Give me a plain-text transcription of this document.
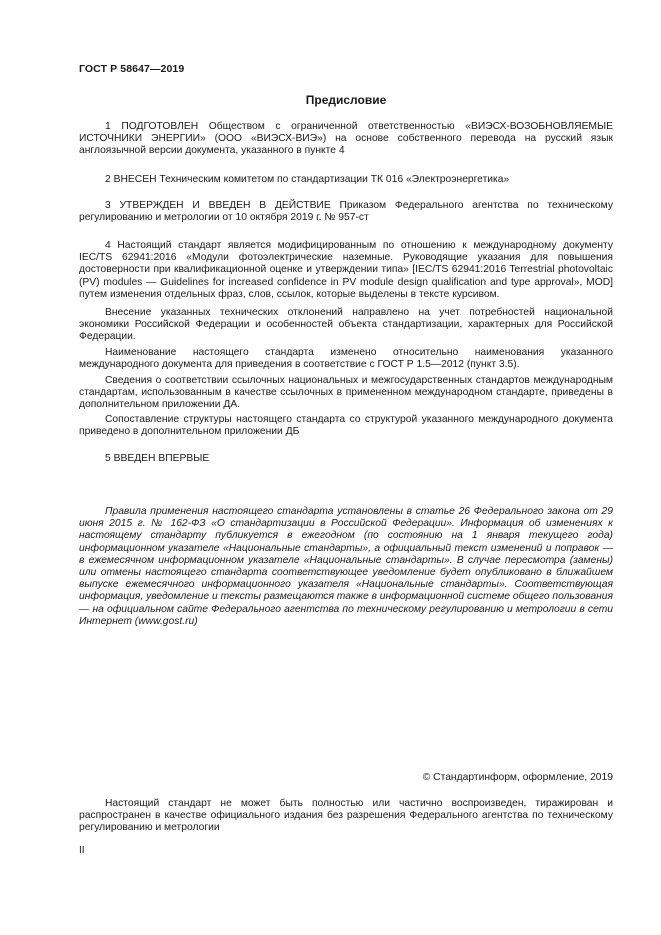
ГОСТ Р 58647—2019
Предисловие

1 ПОДГОТОВЛЕН Обществом с ограниченной ответственностью «ВИЭСХ-ВОЗОБНОВЛЯЕМЫЕ ИСТОЧНИКИ ЭНЕРГИИ» (ООО «ВИЭСХ-ВИЭ») на основе собственного перевода на русский язык англоязычной версии документа, указанного в пункте 4

2 ВНЕСЕН Техническим комитетом по стандартизации ТК 016 «Электроэнергетика»

3 УТВЕРЖДЕН И ВВЕДЕН В ДЕЙСТВИЕ Приказом Федерального агентства по техническому регулированию и метрологии от 10 октября 2019 г. № 957-ст

4 Настоящий стандарт является модифицированным по отношению к международному документу IEC/TS 62941:2016 «Модули фотоэлектрические наземные. Руководящие указания для повышения достоверности при квалификационной оценке и утверждении типа» [IEC/TS 62941:2016 Terrestrial photovoltaic (PV) modules — Guidelines for increased confidence in PV module design qualification and type approval», MOD] путем изменения отдельных фраз, слов, ссылок, которые выделены в тексте курсивом.

Внесение указанных технических отклонений направлено на учет потребностей национальной экономики Российской Федерации и особенностей объекта стандартизации, характерных для Российской Федерации.

Наименование настоящего стандарта изменено относительно наименования указанного международного документа для приведения в соответствие с ГОСТ Р 1.5—2012 (пункт 3.5).

Сведения о соответствии ссылочных национальных и межгосударственных стандартов международным стандартам, использованным в качестве ссылочных в примененном международном стандарте, приведены в дополнительном приложении ДА.

Сопоставление структуры настоящего стандарта со структурой указанного международного документа приведено в дополнительном приложении ДБ

5 ВВЕДЕН ВПЕРВЫЕ

Правила применения настоящего стандарта установлены в статье 26 Федерального закона от 29 июня 2015 г. № 162-ФЗ «О стандартизации в Российской Федерации». Информация об изменениях к настоящему стандарту публикуется в ежегодном (по состоянию на 1 января текущего года) информационном указателе «Национальные стандарты», а официальный текст изменений и поправок — в ежемесячном информационном указателе «Национальные стандарты». В случае пересмотра (замены) или отмены настоящего стандарта соответствующее уведомление будет опубликовано в ближайшем выпуске ежемесячного информационного указателя «Национальные стандарты». Соответствующая информация, уведомление и тексты размещаются также в информационной системе общего пользования — на официальном сайте Федерального агентства по техническому регулированию и метрологии в сети Интернет (www.gost.ru)

© Стандартинформ, оформление, 2019

Настоящий стандарт не может быть полностью или частично воспроизведен, тиражирован и распространен в качестве официального издания без разрешения Федерального агентства по техническому регулированию и метрологии

II
